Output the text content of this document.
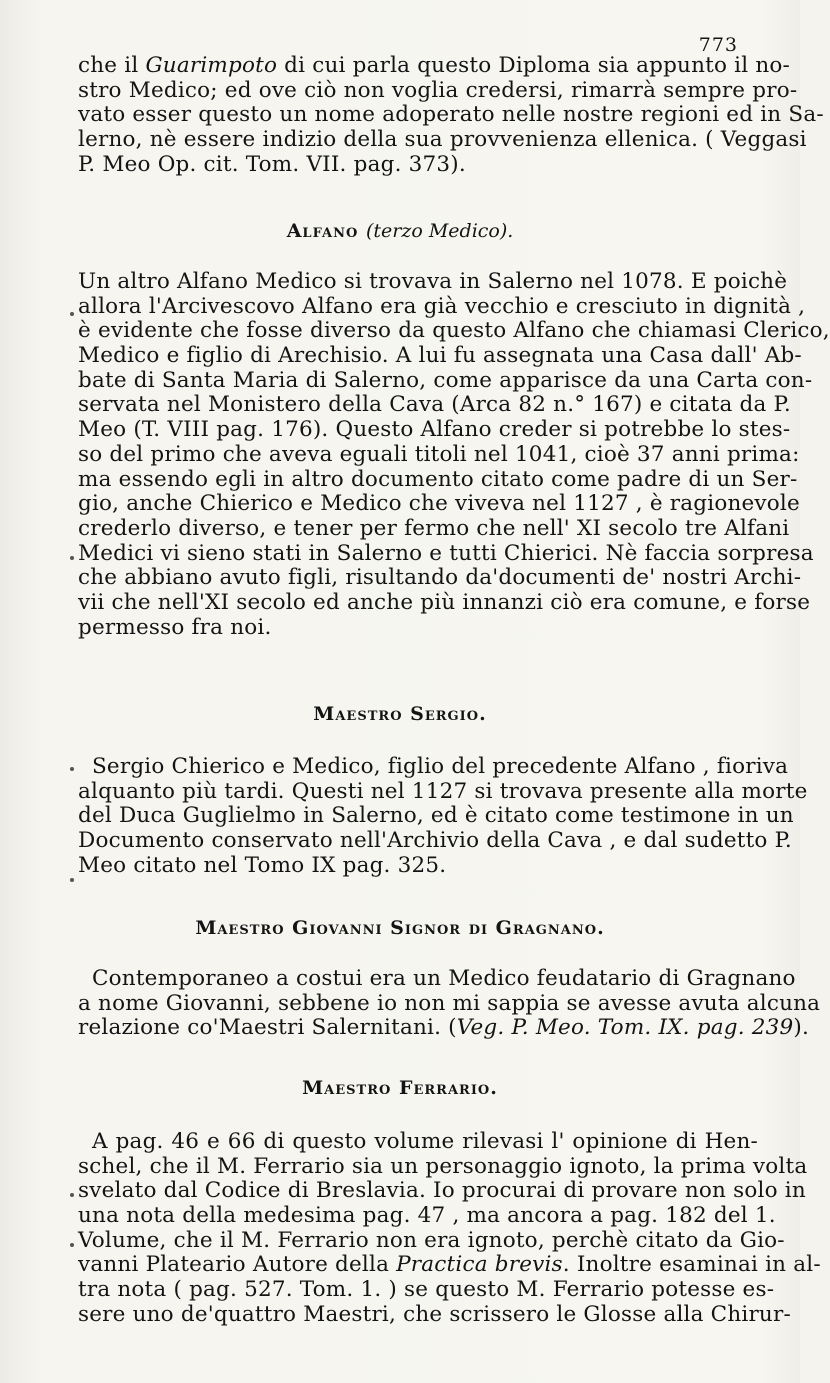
773
che il Guarimpoto di cui parla questo Diploma sia appunto il no-
stro Medico; ed ove ciò non voglia credersi, rimarrà sempre pro-
vato esser questo un nome adoperato nelle nostre regioni ed in Sa-
lerno, nè essere indizio della sua provvenienza ellenica. ( Veggasi
P. Meo Op. cit. Tom. VII. pag. 373).
Alfano (terzo Medico).
Un altro Alfano Medico si trovava in Salerno nel 1078. E poichè
allora l'Arcivescovo Alfano era già vecchio e cresciuto in dignità ,
è evidente che fosse diverso da questo Alfano che chiamasi Clerico,
Medico e figlio di Arechisio. A lui fu assegnata una Casa dall' Ab-
bate di Santa Maria di Salerno, come apparisce da una Carta con-
servata nel Monistero della Cava (Arca 82 n.° 167) e citata da P.
Meo (T. VIII pag. 176). Questo Alfano creder si potrebbe lo stes-
so del primo che aveva eguali titoli nel 1041, cioè 37 anni prima:
ma essendo egli in altro documento citato come padre di un Ser-
gio, anche Chierico e Medico che viveva nel 1127 , è ragionevole
crederlo diverso, e tener per fermo che nell' XI secolo tre Alfani
Medici vi sieno stati in Salerno e tutti Chierici. Nè faccia sorpresa
che abbiano avuto figli, risultando da'documenti de' nostri Archi-
vii che nell'XI secolo ed anche più innanzi ciò era comune, e forse
permesso fra noi.
Maestro Sergio.
Sergio Chierico e Medico, figlio del precedente Alfano , fioriva
alquanto più tardi. Questi nel 1127 si trovava presente alla morte
del Duca Guglielmo in Salerno, ed è citato come testimone in un
Documento conservato nell'Archivio della Cava , e dal sudetto P.
Meo citato nel Tomo IX pag. 325.
Maestro Giovanni Signor di Gragnano.
Contemporaneo a costui era un Medico feudatario di Gragnano
a nome Giovanni, sebbene io non mi sappia se avesse avuta alcuna
relazione co'Maestri Salernitani. (Veg. P. Meo. Tom. IX. pag. 239).
Maestro Ferrario.
A pag. 46 e 66 di questo volume rilevasi l' opinione di Hen-
schel, che il M. Ferrario sia un personaggio ignoto, la prima volta
svelato dal Codice di Breslavia. Io procurai di provare non solo in
una nota della medesima pag. 47 , ma ancora a pag. 182 del 1.
Volume, che il M. Ferrario non era ignoto, perchè citato da Gio-
vanni Plateario Autore della Practica brevis. Inoltre esaminai in al-
tra nota ( pag. 527. Tom. 1. ) se questo M. Ferrario potesse es-
sere uno de'quattro Maestri, che scrissero le Glosse alla Chirur-
